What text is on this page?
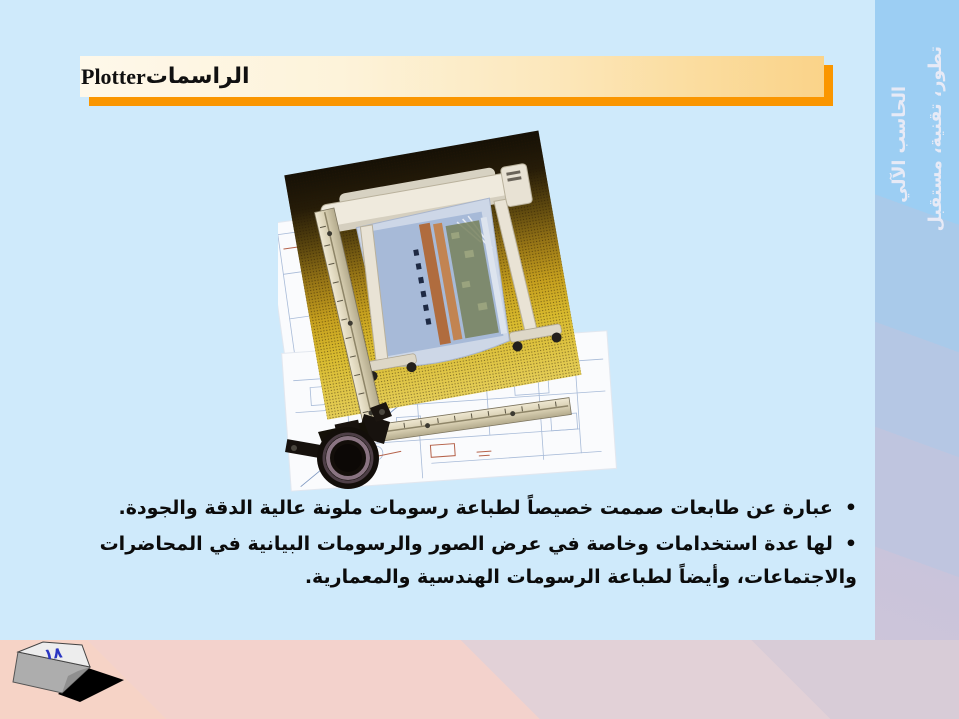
الحاسب الآلي تطور، تقنية، مستقبل
الراسمات
Plotter
•عبارة عن طابعات صممت خصيصاً لطباعة رسومات ملونة عالية الدقة والجودة.
•لها عدة استخدامات وخاصة في عرض الصور والرسومات البيانية في المحاضرات
والاجتماعات، وأيضاً لطباعة الرسومات الهندسية والمعمارية.
١٨
